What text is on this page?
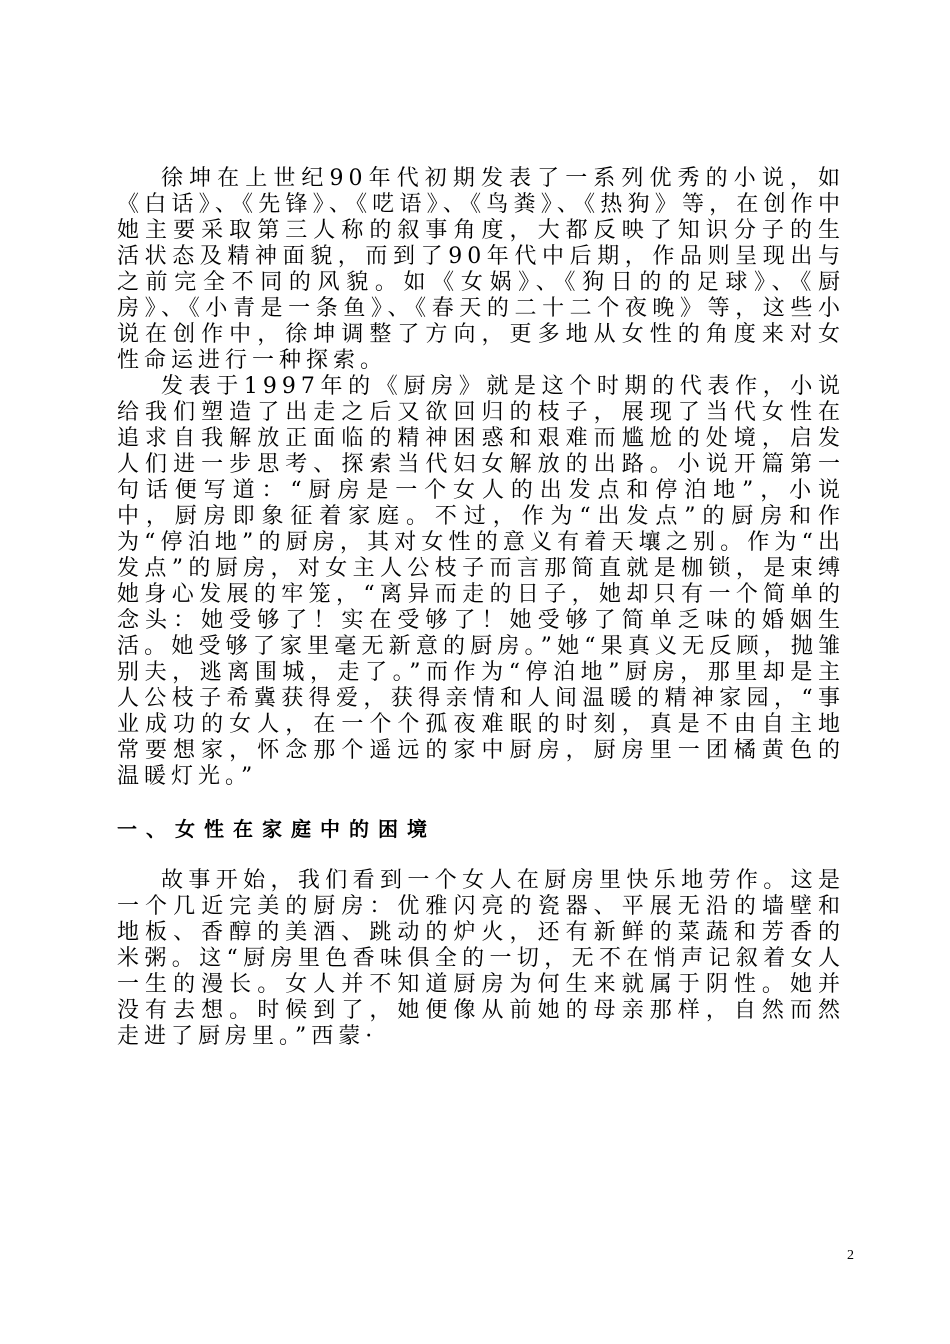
徐坤在上世纪90年代初期发表了一系列优秀的小说，如《白话》、《先锋》、《呓语》、《鸟粪》、《热狗》等，在创作中她主要采取第三人称的叙事角度，大都反映了知识分子的生活状态及精神面貌，而到了90年代中后期，作品则呈现出与之前完全不同的风貌。如《女娲》、《狗日的的足球》、《厨房》、《小青是一条鱼》、《春天的二十二个夜晚》等，这些小说在创作中，徐坤调整了方向，更多地从女性的角度来对女性命运进行一种探索。

发表于1997年的《厨房》就是这个时期的代表作，小说给我们塑造了出走之后又欲回归的枝子，展现了当代女性在追求自我解放正面临的精神困惑和艰难而尴尬的处境，启发人们进一步思考、探索当代妇女解放的出路。小说开篇第一句话便写道：“厨房是一个女人的出发点和停泊地”，小说中，厨房即象征着家庭。不过，作为“出发点”的厨房和作为“停泊地”的厨房，其对女性的意义有着天壤之别。作为“出发点”的厨房，对女主人公枝子而言那简直就是枷锁，是束缚她身心发展的牢笼，“离异而走的日子，她却只有一个简单的念头：她受够了！实在受够了！她受够了简单乏味的婚姻生活。她受够了家里毫无新意的厨房。”她“果真义无反顾，抛雏别夫，逃离围城，走了。”而作为“停泊地”厨房，那里却是主人公枝子希冀获得爱，获得亲情和人间温暖的精神家园，“事业成功的女人，在一个个孤夜难眠的时刻，真是不由自主地常要想家，怀念那个遥远的家中厨房，厨房里一团橘黄色的温暖灯光。”

一、女性在家庭中的困境

故事开始，我们看到一个女人在厨房里快乐地劳作。这是一个几近完美的厨房：优雅闪亮的瓷器、平展无沿的墙壁和地板、香醇的美酒、跳动的炉火，还有新鲜的菜蔬和芳香的米粥。这“厨房里色香味俱全的一切，无不在悄声记叙着女人一生的漫长。女人并不知道厨房为何生来就属于阴性。她并没有去想。时候到了，她便像从前她的母亲那样，自然而然走进了厨房里。”西蒙·

2
